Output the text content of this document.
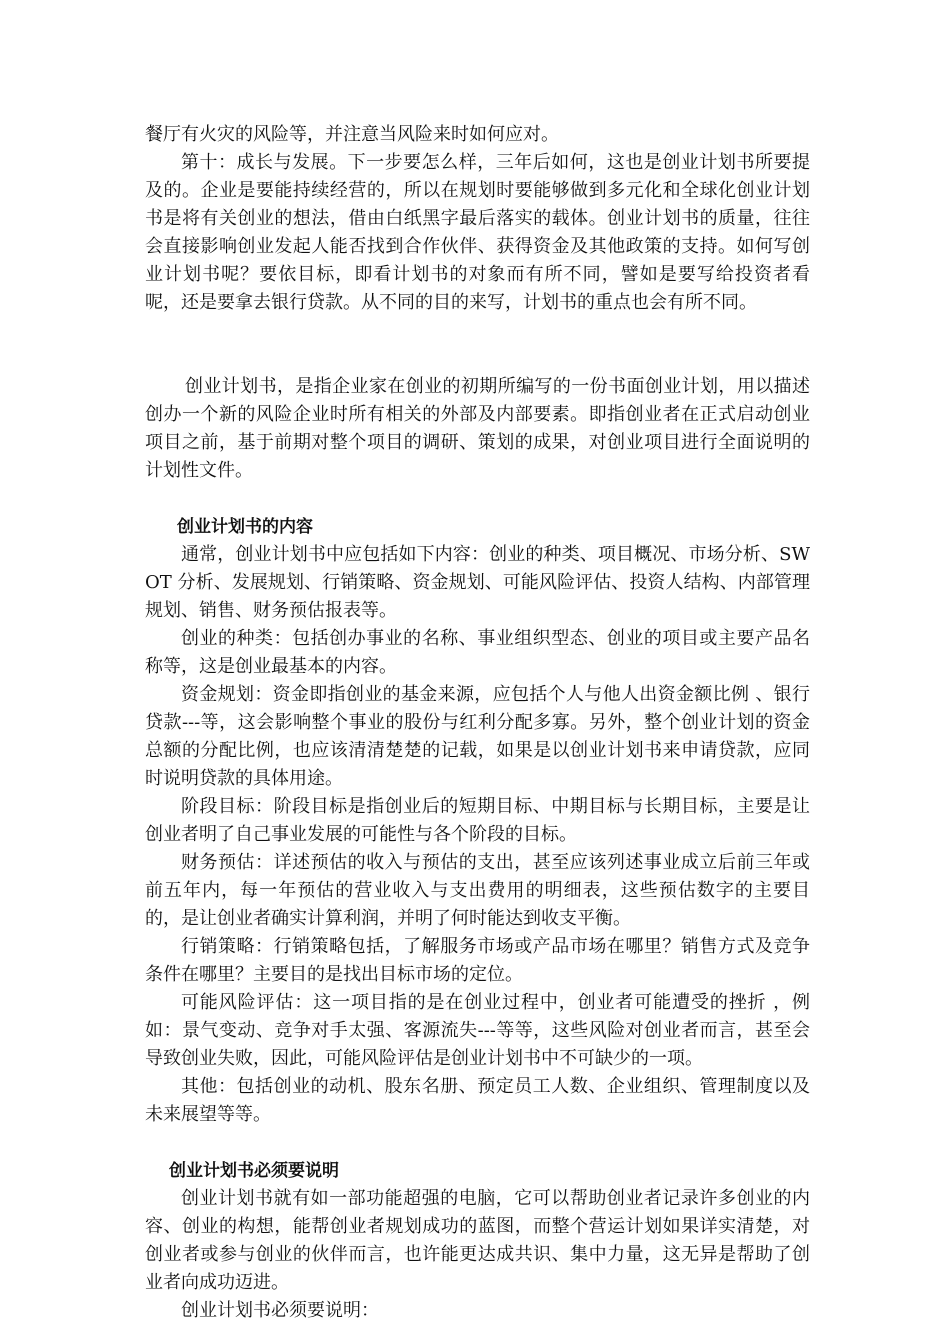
餐厅有火灾的风险等，并注意当风险来时如何应对。

第十：成长与发展。下一步要怎么样，三年后如何，这也是创业计划书所要提及的。企业是要能持续经营的，所以在规划时要能够做到多元化和全球化创业计划书是将有关创业的想法，借由白纸黑字最后落实的载体。创业计划书的质量，往往会直接影响创业发起人能否找到合作伙伴、获得资金及其他政策的支持。如何写创业计划书呢？要依目标，即看计划书的对象而有所不同，譬如是要写给投资者看呢，还是要拿去银行贷款。从不同的目的来写，计划书的重点也会有所不同。

创业计划书，是指企业家在创业的初期所编写的一份书面创业计划，用以描述创办一个新的风险企业时所有相关的外部及内部要素。即指创业者在正式启动创业项目之前，基于前期对整个项目的调研、策划的成果，对创业项目进行全面说明的计划性文件。

创业计划书的内容

通常，创业计划书中应包括如下内容：创业的种类、项目概况、市场分析、SWOT 分析、发展规划、行销策略、资金规划、可能风险评估、投资人结构、内部管理规划、销售、财务预估报表等。

创业的种类：包括创办事业的名称、事业组织型态、创业的项目或主要产品名称等，这是创业最基本的内容。

资金规划：资金即指创业的基金来源，应包括个人与他人出资金额比例 、银行贷款---等，这会影响整个事业的股份与红利分配多寡。另外，整个创业计划的资金总额的分配比例，也应该清清楚楚的记载，如果是以创业计划书来申请贷款，应同时说明贷款的具体用途。

阶段目标：阶段目标是指创业后的短期目标、中期目标与长期目标，主要是让创业者明了自己事业发展的可能性与各个阶段的目标。

财务预估：详述预估的收入与预估的支出，甚至应该列述事业成立后前三年或前五年内，每一年预估的营业收入与支出费用的明细表，这些预估数字的主要目的，是让创业者确实计算利润，并明了何时能达到收支平衡。

行销策略：行销策略包括，了解服务市场或产品市场在哪里？销售方式及竞争条件在哪里？主要目的是找出目标市场的定位。

可能风险评估：这一项目指的是在创业过程中，创业者可能遭受的挫折 ，例如：景气变动、竞争对手太强、客源流失---等等，这些风险对创业者而言，甚至会导致创业失败，因此，可能风险评估是创业计划书中不可缺少的一项。

其他：包括创业的动机、股东名册、预定员工人数、企业组织、管理制度以及未来展望等等。

创业计划书必须要说明

创业计划书就有如一部功能超强的电脑，它可以帮助创业者记录许多创业的内容、创业的构想，能帮创业者规划成功的蓝图，而整个营运计划如果详实清楚，对创业者或参与创业的伙伴而言，也许能更达成共识、集中力量，这无异是帮助了创业者向成功迈进。

创业计划书必须要说明：
